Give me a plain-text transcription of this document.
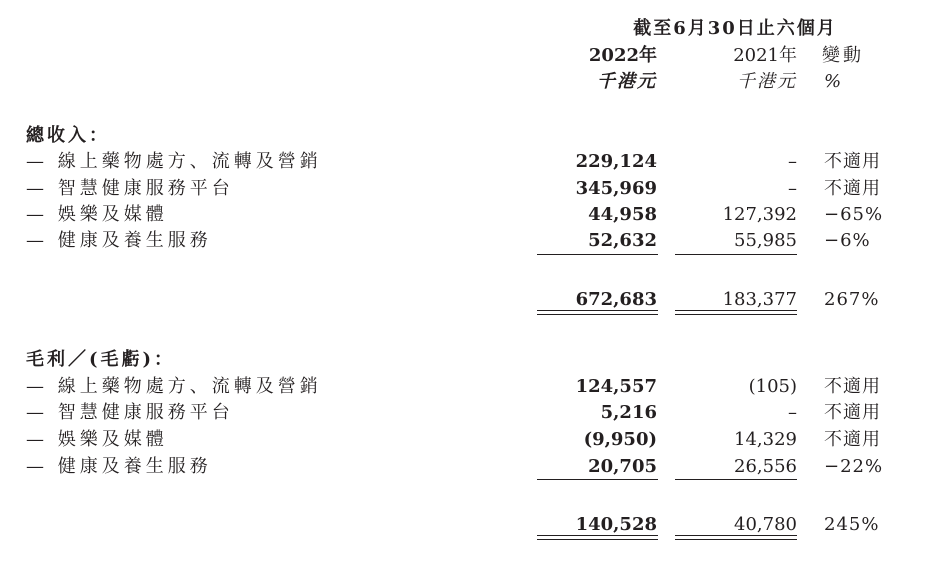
截至6月30日止六個月
2022年	2021年 變動
千港元	千港元 %
總收入：
— 線上藥物處方、流轉及營銷	229,124	– 不適用
— 智慧健康服務平台	345,969	– 不適用
— 娛樂及媒體	44,958	127,392 −65%
— 健康及養生服務	52,632	55,985 −6%
672,683	183,377 267%
毛利／(毛虧)：
— 線上藥物處方、流轉及營銷	124,557	(105) 不適用
— 智慧健康服務平台	5,216	– 不適用
— 娛樂及媒體	(9,950)	14,329 不適用
— 健康及養生服務	20,705	26,556 −22%
140,528	40,780 245%
